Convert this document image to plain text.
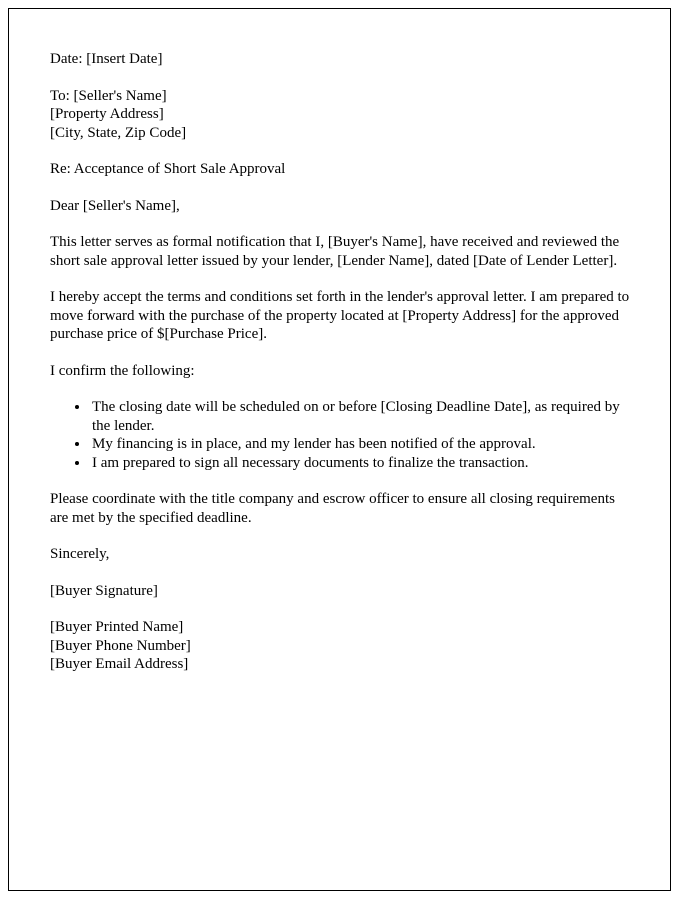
Date: [Insert Date]

To: [Seller's Name]

[Property Address]

[City, State, Zip Code]

Re: Acceptance of Short Sale Approval

Dear [Seller's Name],

This letter serves as formal notification that I, [Buyer's Name], have received and reviewed the short sale approval letter issued by your lender, [Lender Name], dated [Date of Lender Letter].

I hereby accept the terms and conditions set forth in the lender's approval letter. I am prepared to move forward with the purchase of the property located at [Property Address] for the approved purchase price of $[Purchase Price].

I confirm the following:

• The closing date will be scheduled on or before [Closing Deadline Date], as required by the lender.
• My financing is in place, and my lender has been notified of the approval.
• I am prepared to sign all necessary documents to finalize the transaction.

Please coordinate with the title company and escrow officer to ensure all closing requirements are met by the specified deadline.

Sincerely,

[Buyer Signature]

[Buyer Printed Name]

[Buyer Phone Number]

[Buyer Email Address]
